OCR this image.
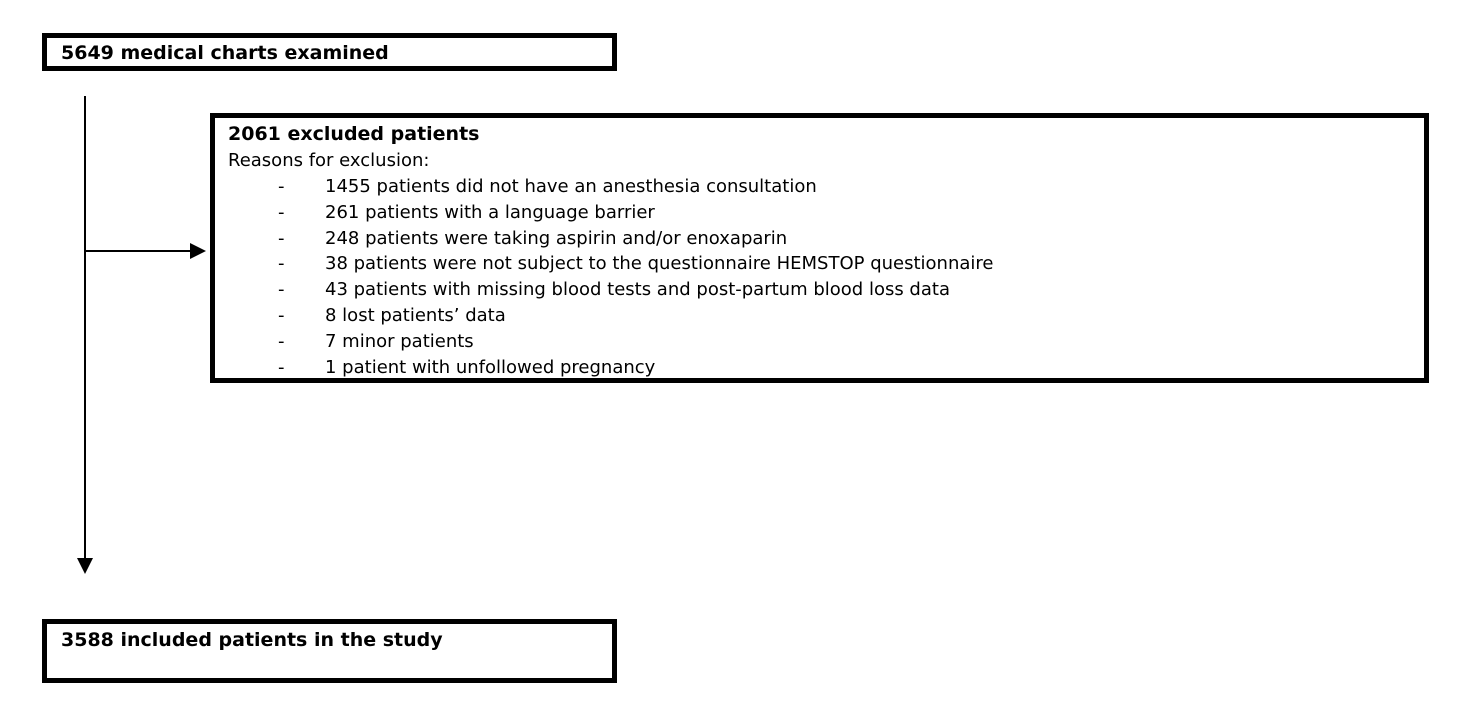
5649 medical charts examined
2061 excluded patients
Reasons for exclusion:
- 1455 patients did not have an anesthesia consultation
- 261 patients with a language barrier
- 248 patients were taking aspirin and/or enoxaparin
- 38 patients were not subject to the questionnaire HEMSTOP questionnaire
- 43 patients with missing blood tests and post-partum blood loss data
- 8 lost patients’ data
- 7 minor patients
- 1 patient with unfollowed pregnancy
3588 included patients in the study
